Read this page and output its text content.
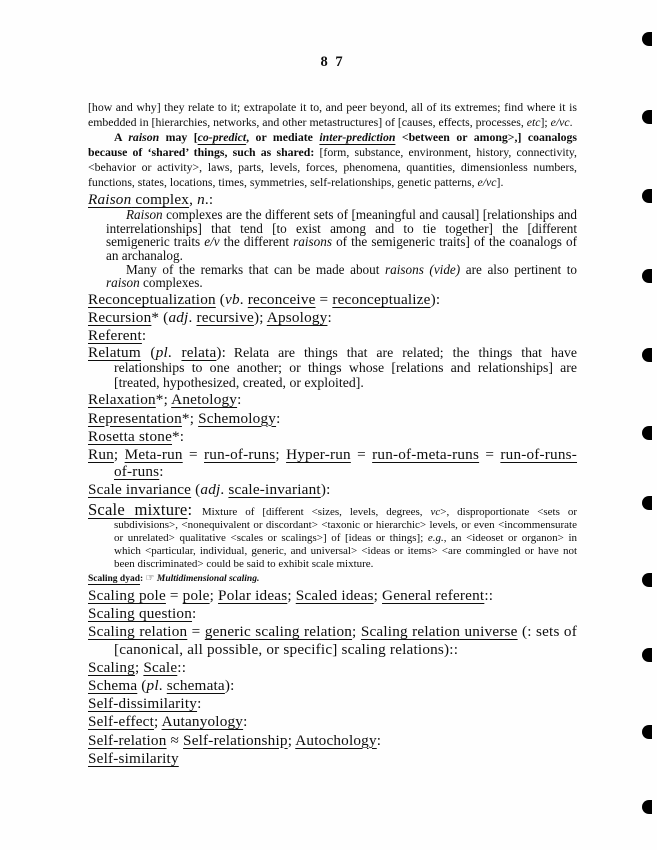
8 7
[how and why] they relate to it; extrapolate it to, and peer beyond, all of its extremes; find where it is embedded in [hierarchies, networks, and other metastructures] of [causes, effects, processes, etc]; e/vc.
A raison may [co-predict, or mediate inter-prediction <between or among>,] coanalogs because of ‘shared’ things, such as shared: [form, substance, environment, history, connectivity, <behavior or activity>, laws, parts, levels, forces, phenomena, quantities, dimensionless numbers, functions, states, locations, times, symmetries, self-relationships, genetic patterns, e/vc].
Raison complex, n.:
Raison complexes are the different sets of [meaningful and causal] [relationships and interrelationships] that tend [to exist among and to tie together] the [different semigeneric traits e/v the different raisons of the semigeneric traits] of the coanalogs of an archanalog.
Many of the remarks that can be made about raisons (vide) are also pertinent to raison complexes.
Reconceptualization (vb. reconceive = reconceptualize):
Recursion* (adj. recursive); Apsology:
Referent:
Relatum (pl. relata): Relata are things that are related; the things that have relationships to one another; or things whose [relations and relationships] are [treated, hypothesized, created, or exploited].
Relaxation*; Anetology:
Representation*; Schemology:
Rosetta stone*:
Run; Meta-run = run-of-runs; Hyper-run = run-of-meta-runs = run-of-runs-of-runs:
Scale invariance (adj. scale-invariant):
Scale mixture: Mixture of [different <sizes, levels, degrees, vc>, disproportionate <sets or subdivisions>, <nonequivalent or discordant> <taxonic or hierarchic> levels, or even <incommensurate or unrelated> qualitative <scales or scalings>] of [ideas or things]; e.g., an <ideoset or organon> in which <particular, individual, generic, and universal> <ideas or items> <are commingled or have not been discriminated> could be said to exhibit scale mixture.
Scaling dyad: ☞ Multidimensional scaling.
Scaling pole = pole; Polar ideas; Scaled ideas; General referent::
Scaling question:
Scaling relation = generic scaling relation; Scaling relation universe (: sets of [canonical, all possible, or specific] scaling relations)::
Scaling; Scale::
Schema (pl. schemata):
Self-dissimilarity:
Self-effect; Autanyology:
Self-relation ≈ Self-relationship; Autochology:
Self-similarity
